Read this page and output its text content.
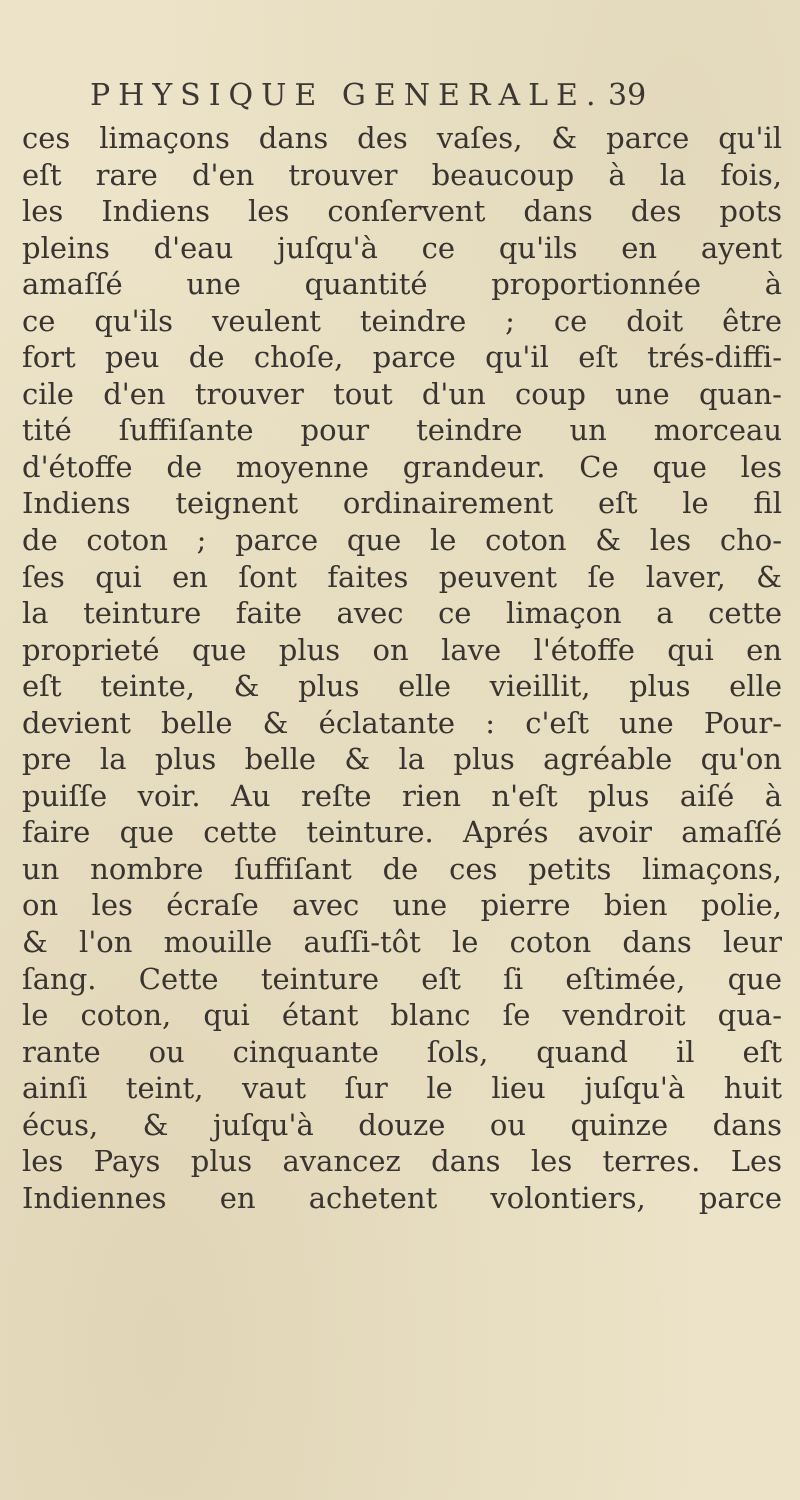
PHYSIQUE GENERALE. 39
ces limaçons dans des vaſes, & parce qu'il
eſt rare d'en trouver beaucoup à la fois,
les Indiens les conſervent dans des pots
pleins d'eau juſqu'à ce qu'ils en ayent
amaſſé une quantité proportionnée à
ce qu'ils veulent teindre ; ce doit être
fort peu de choſe, parce qu'il eſt trés-diffi-
cile d'en trouver tout d'un coup une quan-
tité ſuffiſante pour teindre un morceau
d'étoffe de moyenne grandeur. Ce que les
Indiens teignent ordinairement eſt le fil
de coton ; parce que le coton & les cho-
ſes qui en ſont faites peuvent ſe laver, &
la teinture faite avec ce limaçon a cette
proprieté que plus on lave l'étoffe qui en
eſt teinte, & plus elle vieillit, plus elle
devient belle & éclatante : c'eſt une Pour-
pre la plus belle & la plus agréable qu'on
puiſſe voir. Au reſte rien n'eſt plus aiſé à
faire que cette teinture. Aprés avoir amaſſé
un nombre ſuffiſant de ces petits limaçons,
on les écraſe avec une pierre bien polie,
& l'on mouille auſſi-tôt le coton dans leur
ſang. Cette teinture eſt ſi eſtimée, que
le coton, qui étant blanc ſe vendroit qua-
rante ou cinquante ſols, quand il eſt
ainſi teint, vaut ſur le lieu juſqu'à huit
écus, & juſqu'à douze ou quinze dans
les Pays plus avancez dans les terres. Les
Indiennes en achetent volontiers, parce
